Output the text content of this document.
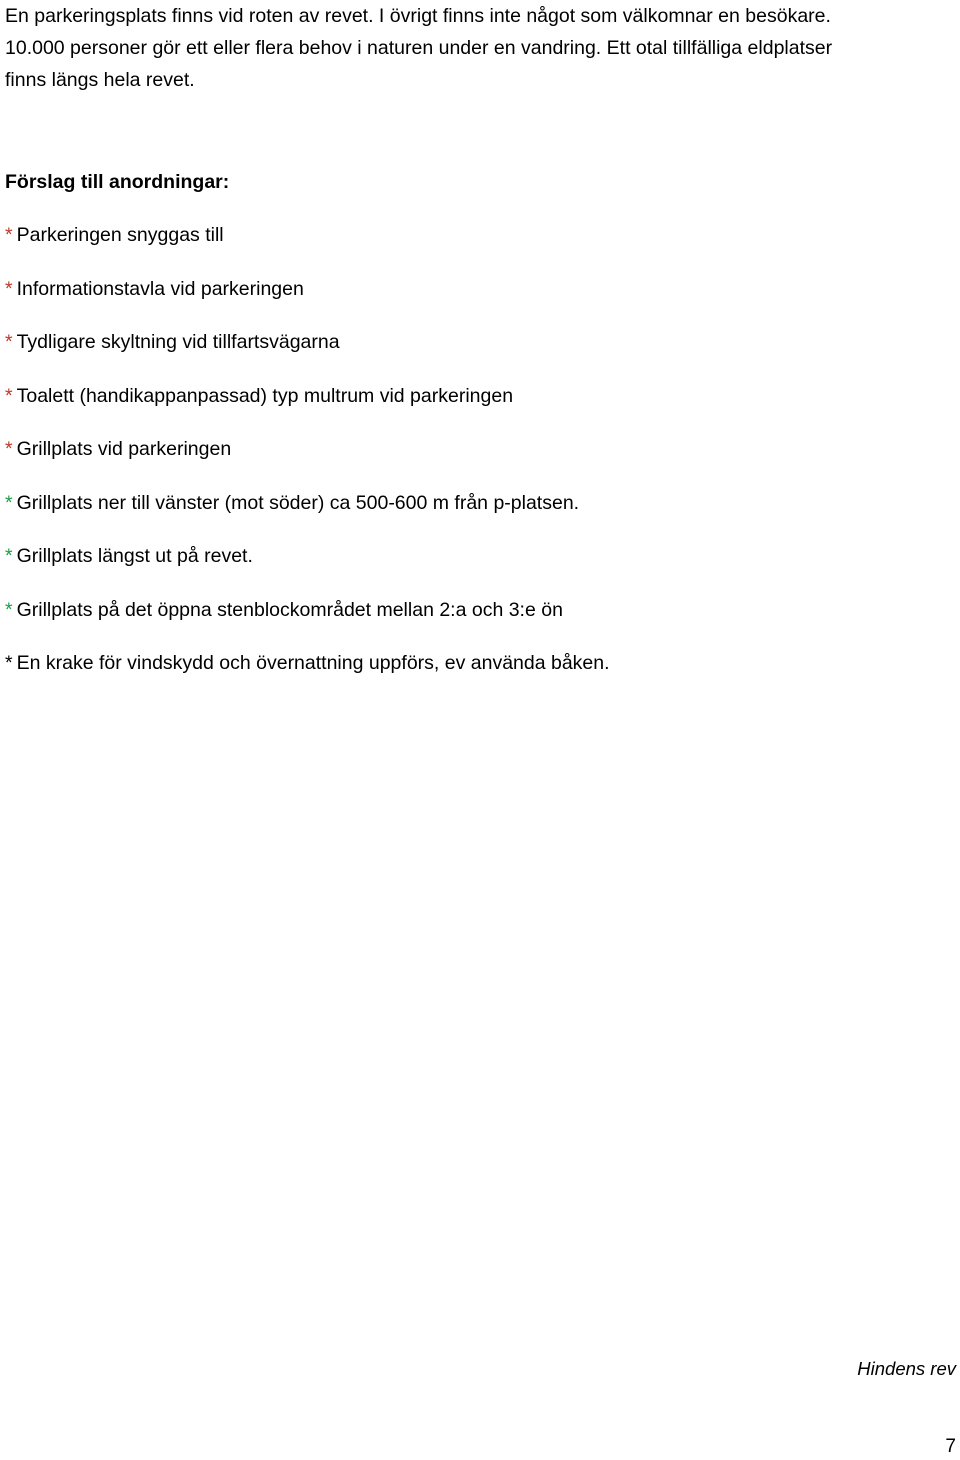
En parkeringsplats finns vid roten av revet. I övrigt finns inte något som välkomnar en besökare.
10.000 personer gör ett eller flera behov i naturen under en vandring. Ett otal tillfälliga eldplatser
finns längs hela revet.
Förslag till anordningar:
* Parkeringen snyggas till
* Informationstavla vid parkeringen
* Tydligare skyltning vid tillfartsvägarna
* Toalett (handikappanpassad) typ multrum vid parkeringen
* Grillplats vid parkeringen
* Grillplats ner till vänster (mot söder) ca 500-600 m från p-platsen.
* Grillplats längst ut på revet.
* Grillplats på det öppna stenblockområdet mellan 2:a och 3:e ön
* En krake för vindskydd och övernattning uppförs, ev använda båken.
Hindens rev
7
